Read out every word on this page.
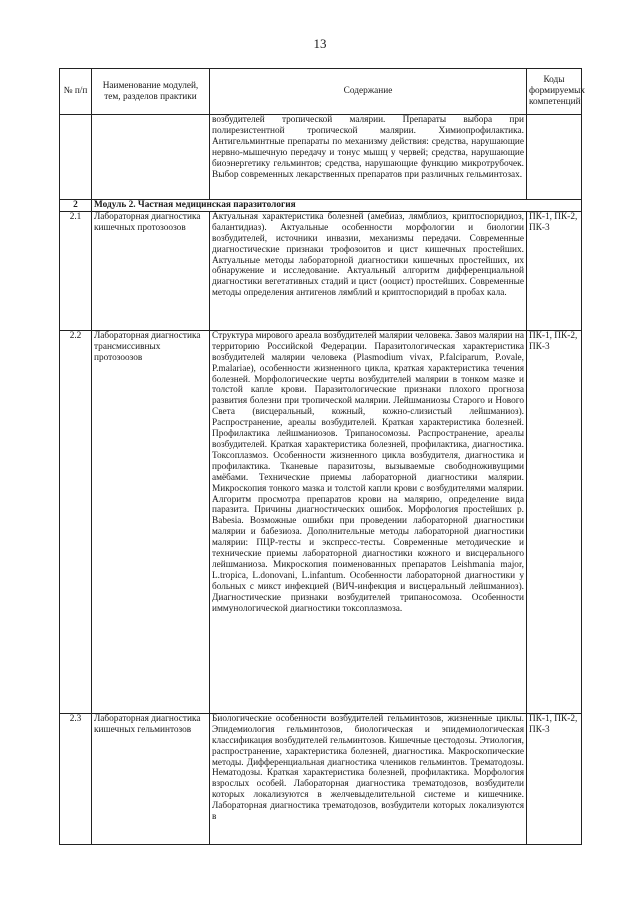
13
№ п/п	Наименование модулей, тем, разделов практики	Содержание	Коды формируемых компетенций
		возбудителей тропической малярии. Препараты выбора при полирезистентной тропической малярии. Химиопрофилактика. Антигельминтные препараты по механизму действия: средства, нарушающие нервно-мышечную передачу и тонус мышц у червей; средства, нарушающие биоэнергетику гельминтов; средства, нарушающие функцию микротрубочек. Выбор современных лекарственных препаратов при различных гельминтозах.	
2	Модуль 2. Частная медицинская паразитология		
2.1	Лабораторная диагностика кишечных протозоозов	Актуальная характеристика болезней (амебиаз, лямблиоз, криптоспоридиоз, балантидиаз). Актуальные особенности морфологии и биологии возбудителей, источники инвазии, механизмы передачи. Современные диагностические признаки трофозоитов и цист кишечных простейших. Актуальные методы лабораторной диагностики кишечных простейших, их обнаружение и исследование. Актуальный алгоритм дифференциальной диагностики вегетативных стадий и цист (ооцист) простейших. Современные методы определения антигенов лямблий и криптоспоридий в пробах кала.	ПК-1, ПК-2, ПК-3
2.2	Лабораторная диагностика трансмиссивных протозоозов	Структура мирового ареала возбудителей малярии человека. Завоз малярии на территорию Российской Федерации. Паразитологическая характеристика возбудителей малярии человека (Plasmodium vivax, P.falciparum, P.ovale, P.malariae), особенности жизненного цикла, краткая характеристика течения болезней. Морфологические черты возбудителей малярии в тонком мазке и толстой капле крови. Паразитологические признаки плохого прогноза развития болезни при тропической малярии. Лейшманиозы Старого и Нового Света (висцеральный, кожный, кожно-слизистый лейшманиоз). Распространение, ареалы возбудителей. Краткая характеристика болезней. Профилактика лейшманиозов. Трипаносомозы. Распространение, ареалы возбудителей. Краткая характеристика болезней, профилактика, диагностика. Токсоплазмоз. Особенности жизненного цикла возбудителя, диагностика и профилактика. Тканевые паразитозы, вызываемые свободноживущими амёбами. Технические приемы лабораторной диагностики малярии. Микроскопия тонкого мазка и толстой капли крови с возбудителями малярии. Алгоритм просмотра препаратов крови на малярию, определение вида паразита. Причины диагностических ошибок. Морфология простейших р. Babesia. Возможные ошибки при проведении лабораторной диагностики малярии и бабезиоза. Дополнительные методы лабораторной диагностики малярии: ПЦР-тесты и экспресс-тесты. Современные методические и технические приемы лабораторной диагностики кожного и висцерального лейшманиоза. Микроскопия поименованных препаратов Leishmania major, L.tropica, L.donovani, L.infantum. Особенности лабораторной диагностики у больных с микст инфекцией (ВИЧ-инфекция и висцеральный лейшманиоз). Диагностические признаки возбудителей трипаносомоза. Особенности иммунологической диагностики токсоплазмоза.	ПК-1, ПК-2, ПК-3
2.3	Лабораторная диагностика кишечных гельминтозов	Биологические особенности возбудителей гельминтозов, жизненные циклы. Эпидемиология гельминтозов, биологическая и эпидемиологическая классификация возбудителей гельминтозов. Кишечные цестодозы. Этиология, распространение, характеристика болезней, диагностика. Макроскопические методы. Дифференциальная диагностика члеников гельминтов. Трематодозы. Нематодозы. Краткая характеристика болезней, профилактика. Морфология взрослых особей. Лабораторная диагностика трематодозов, возбудители которых локализуются в желчевыделительной системе и кишечнике. Лабораторная диагностика трематодозов, возбудители которых локализуются в	ПК-1, ПК-2, ПК-3
